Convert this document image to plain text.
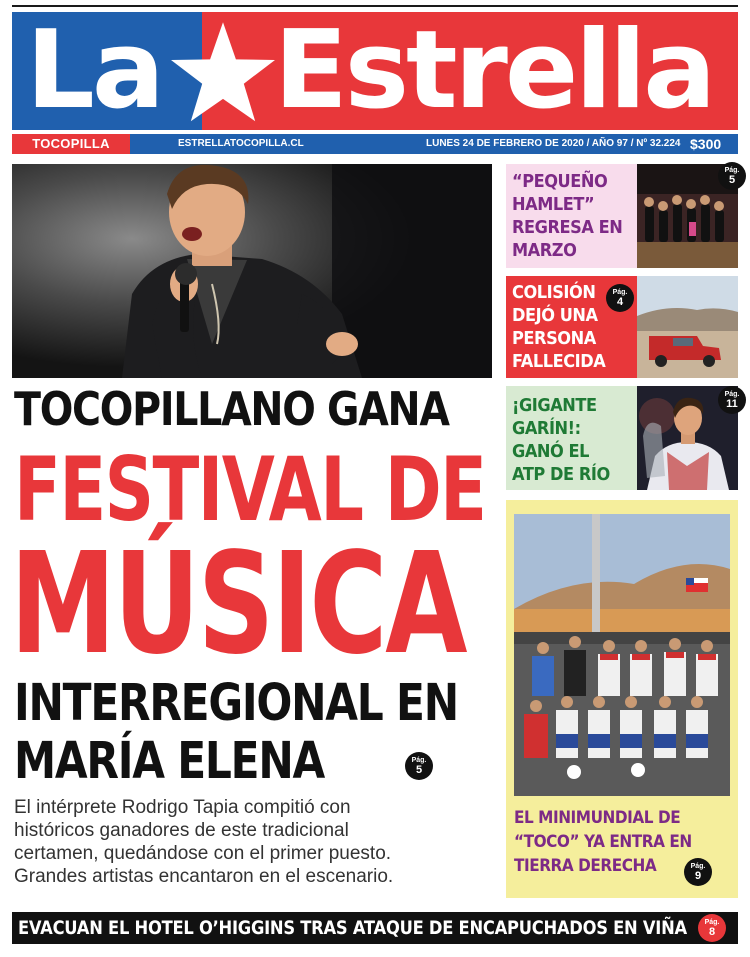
La Estrella
TOCOPILLA	ESTRELLATOCOPILLA.CL	LUNES 24 DE FEBRERO DE 2020 / AÑO 97 / Nº 32.224 $300
TOCOPILLANO GANA
FESTIVAL DE
MÚSICA
INTERREGIONAL EN
MARÍA ELENA	Pág.
5
El intérprete Rodrigo Tapia compitió con
históricos ganadores de este tradicional
certamen, quedándose con el primer puesto.
Grandes artistas encantaron en el escenario.
“PEQUEÑO
HAMLET”
REGRESA EN
MARZO
Pág.
5
COLISIÓN
DEJÓ UNA
PERSONA
FALLECIDA
Pág.
4
¡GIGANTE
GARÍN!:
GANÓ EL
ATP DE RÍO
Pág.
11
EL MINIMUNDIAL DE
“TOCO” YA ENTRA EN
TIERRA DERECHA	Pág.
9
EVACUAN EL HOTEL O’HIGGINS TRAS ATAQUE DE ENCAPUCHADOS EN VIÑA	Pág.
8
